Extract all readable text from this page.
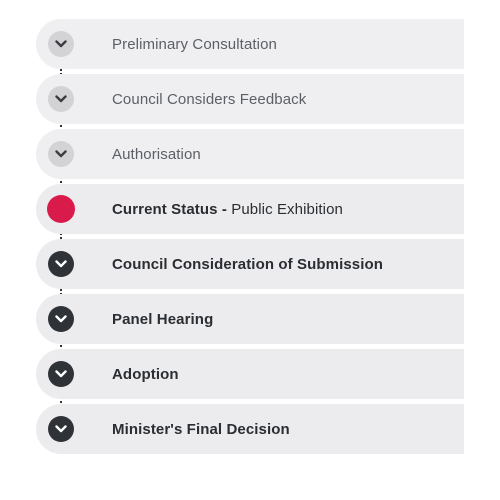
Preliminary Consultation
Council Considers Feedback
Authorisation
Current Status - Public Exhibition
Council Consideration of Submission
Panel Hearing
Adoption
Minister's Final Decision
